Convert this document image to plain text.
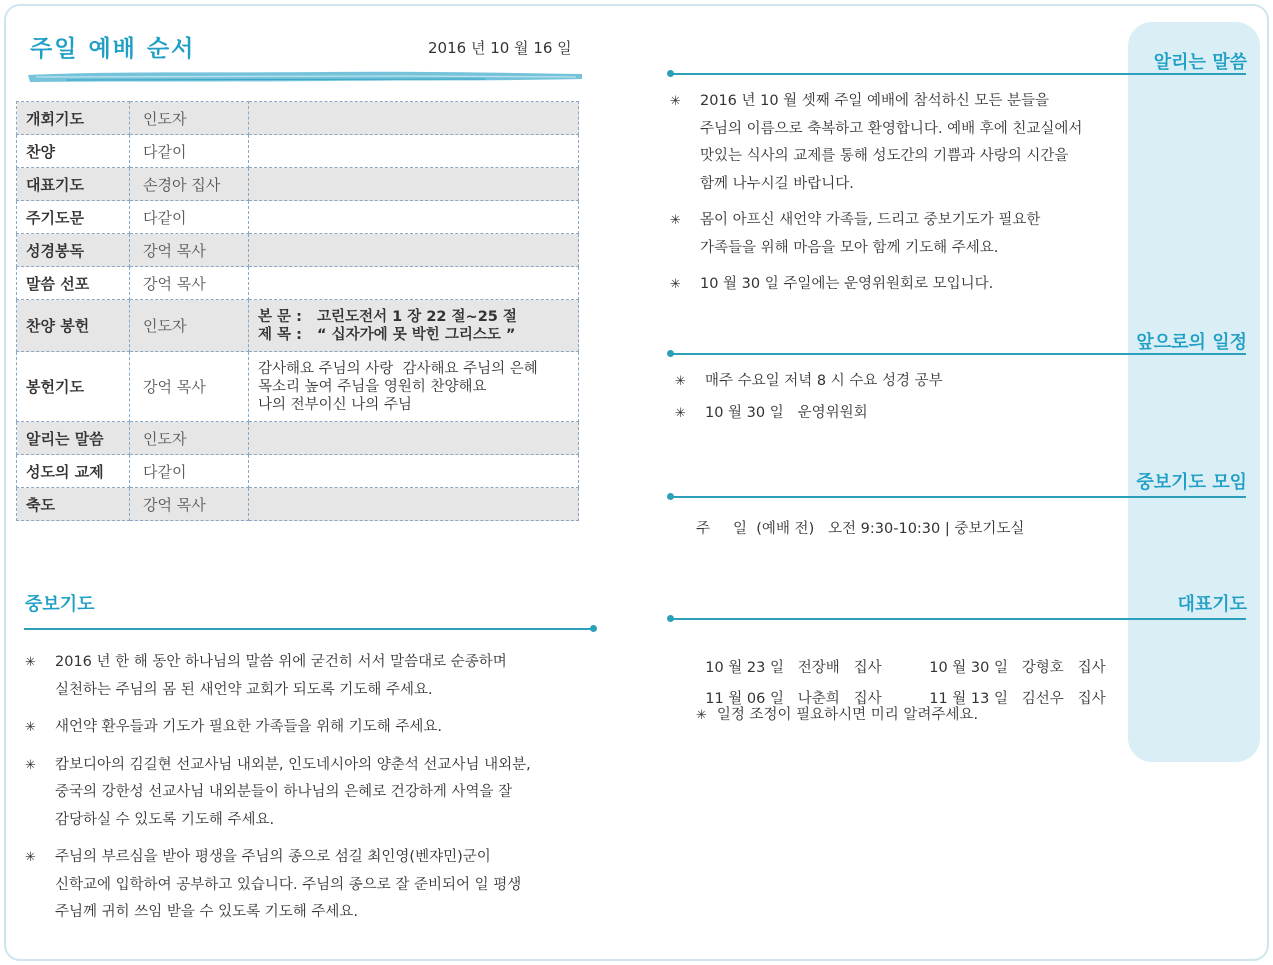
주일 예배 순서	2016 년 10 월 16 일
개회기도	인도자	
찬양	다같이	
대표기도	손경아 집사	
주기도문	다같이	
성경봉독	강억 목사	
말씀 선포	강억 목사	
찬양 봉헌	인도자	본 문 :   고린도전서 1 장 22 절~25 절
제 목 :   “ 십자가에 못 박힌 그리스도 ”

봉헌기도	강억 목사	감사해요 주님의 사랑  감사해요 주님의 은혜
목소리 높여 주님을 영원히 찬양해요
나의 전부이신 나의 주님

알리는 말씀	인도자	
성도의 교제	다같이	
축도	강억 목사	
중보기도
✳ 2016 년 한 해 동안 하나님의 말씀 위에 굳건히 서서 말씀대로 순종하며
실천하는 주님의 몸 된 새언약 교회가 되도록 기도해 주세요.
✳ 새언약 환우들과 기도가 필요한 가족들을 위해 기도해 주세요.
✳ 캄보디아의 김길현 선교사님 내외분, 인도네시아의 양춘석 선교사님 내외분,
중국의 강한성 선교사님 내외분들이 하나님의 은혜로 건강하게 사역을 잘
감당하실 수 있도록 기도해 주세요.
✳ 주님의 부르심을 받아 평생을 주님의 종으로 섬길 최인영(벤쟈민)군이
신학교에 입학하여 공부하고 있습니다. 주님의 종으로 잘 준비되어 일 평생
주님께 귀히 쓰임 받을 수 있도록 기도해 주세요.
알리는 말씀
✳ 2016 년 10 월 셋째 주일 예배에 참석하신 모든 분들을
주님의 이름으로 축복하고 환영합니다. 예배 후에 친교실에서
맛있는 식사의 교제를 통해 성도간의 기쁨과 사랑의 시간을
함께 나누시길 바랍니다.
✳ 몸이 아프신 새언약 가족들, 드리고 중보기도가 필요한
가족들을 위해 마음을 모아 함께 기도해 주세요.
✳ 10 월 30 일 주일에는 운영위원회로 모입니다.
앞으로의 일정
✳ 매주 수요일 저녁 8 시 수요 성경 공부
✳ 10 월 30 일   운영위원회
중보기도 모임
주     일  (예배 전)   오전 9:30-10:30 | 중보기도실
대표기도

10 월 23 일   전장배   집사	10 월 30 일   강형호   집사

11 월 06 일   나춘희   집사	11 월 13 일   김선우   집사

✳ 일정 조정이 필요하시면 미리 알려주세요.
